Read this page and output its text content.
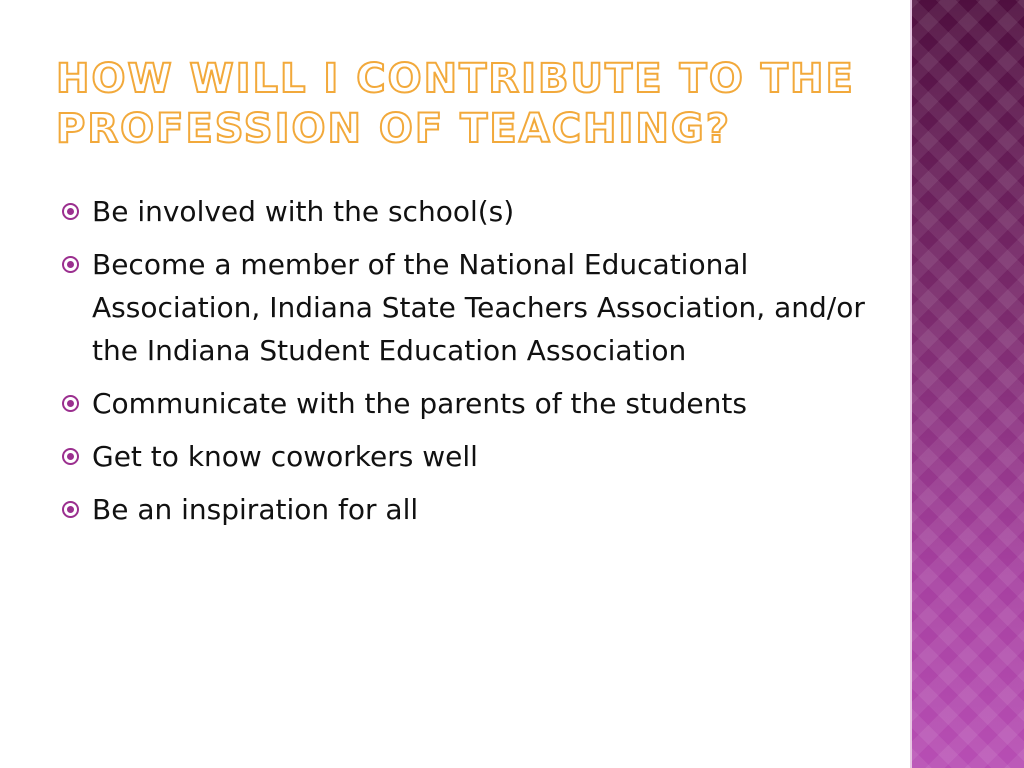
HOW WILL I CONTRIBUTE TO THE PROFESSION OF TEACHING?
Be involved with the school(s)
Become a member of the National Educational Association, Indiana State Teachers Association, and/or the Indiana Student Education Association
Communicate with the parents of the students
Get to know coworkers well
Be an inspiration for all
